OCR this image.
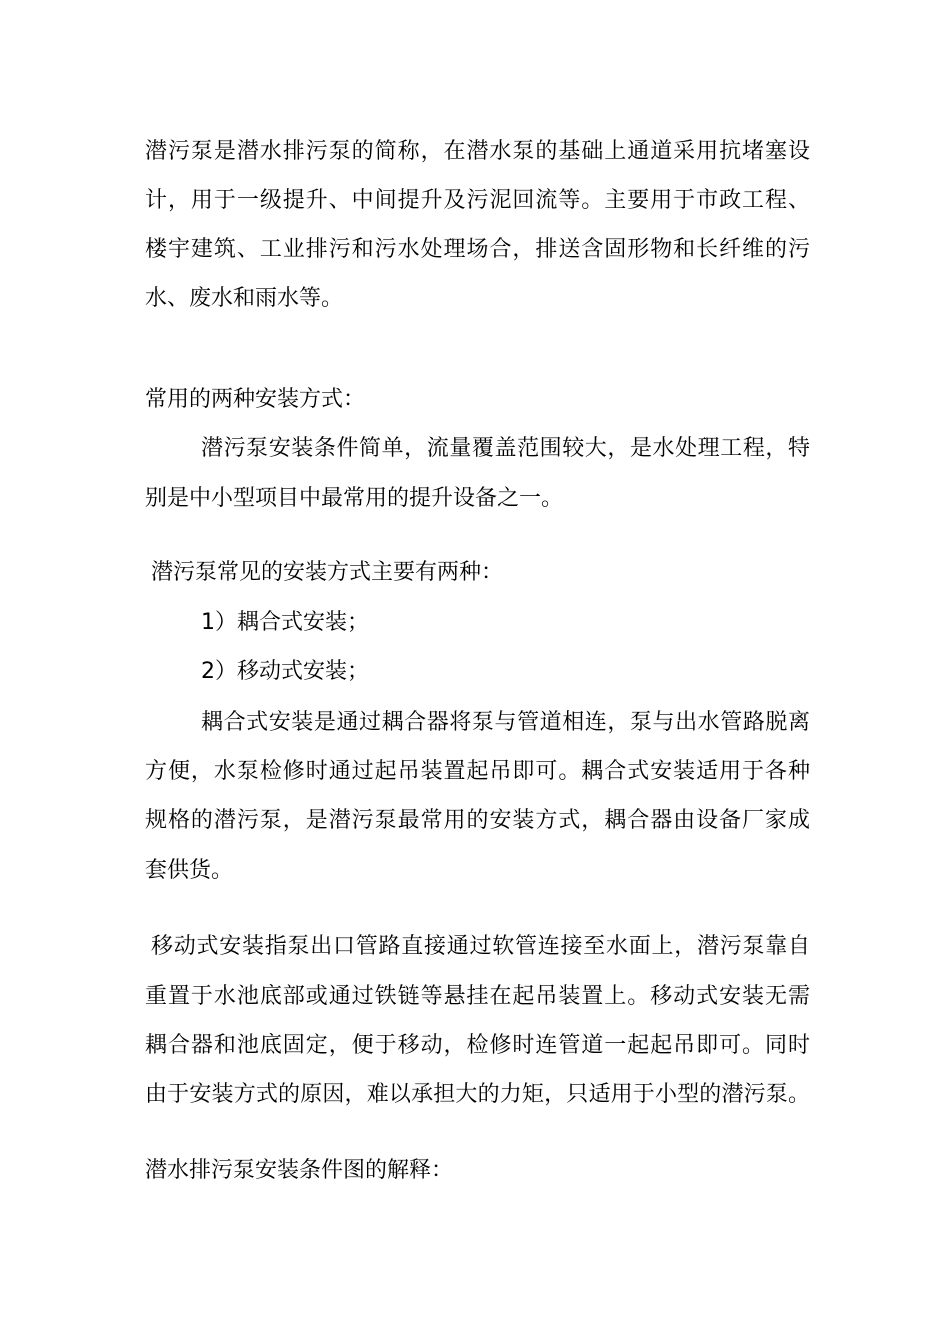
潜污泵是潜水排污泵的简称，在潜水泵的基础上通道采用抗堵塞设
计，用于一级提升、中间提升及污泥回流等。主要用于市政工程、
楼宇建筑、工业排污和污水处理场合，排送含固形物和长纤维的污
水、废水和雨水等。
常用的两种安装方式：
潜污泵安装条件简单，流量覆盖范围较大，是水处理工程，特
别是中小型项目中最常用的提升设备之一。
潜污泵常见的安装方式主要有两种：
1）耦合式安装；
2）移动式安装；
耦合式安装是通过耦合器将泵与管道相连，泵与出水管路脱离
方便，水泵检修时通过起吊装置起吊即可。耦合式安装适用于各种
规格的潜污泵，是潜污泵最常用的安装方式，耦合器由设备厂家成
套供货。
移动式安装指泵出口管路直接通过软管连接至水面上，潜污泵靠自
重置于水池底部或通过铁链等悬挂在起吊装置上。移动式安装无需
耦合器和池底固定，便于移动，检修时连管道一起起吊即可。同时
由于安装方式的原因，难以承担大的力矩，只适用于小型的潜污泵。
潜水排污泵安装条件图的解释：
